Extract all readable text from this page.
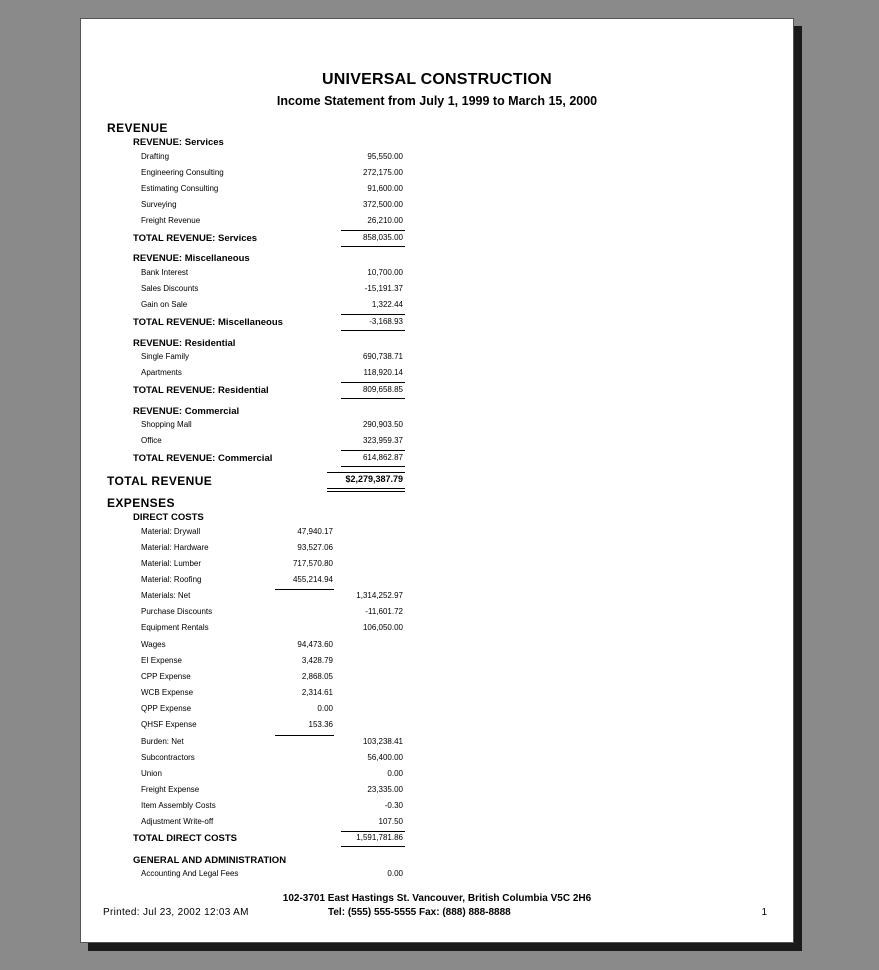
UNIVERSAL CONSTRUCTION
Income Statement from July 1, 1999 to March 15, 2000
REVENUE
REVENUE: Services
Drafting	95,550.00
Engineering Consulting	272,175.00
Estimating Consulting	91,600.00
Surveying	372,500.00
Freight Revenue	26,210.00
TOTAL REVENUE: Services	858,035.00
REVENUE: Miscellaneous
Bank Interest	10,700.00
Sales Discounts	-15,191.37
Gain on Sale	1,322.44
TOTAL REVENUE: Miscellaneous	-3,168.93
REVENUE: Residential
Single Family	690,738.71
Apartments	118,920.14
TOTAL REVENUE: Residential	809,658.85
REVENUE: Commercial
Shopping Mall	290,903.50
Office	323,959.37
TOTAL REVENUE: Commercial	614,862.87
TOTAL REVENUE	$2,279,387.79
EXPENSES
DIRECT COSTS
Material: Drywall	47,940.17
Material: Hardware	93,527.06
Material: Lumber	717,570.80
Material: Roofing	455,214.94
Materials: Net	1,314,252.97
Purchase Discounts	-11,601.72
Equipment Rentals	106,050.00
Wages	94,473.60
EI Expense	3,428.79
CPP Expense	2,868.05
WCB Expense	2,314.61
QPP Expense	0.00
QHSF Expense	153.36
Burden: Net	103,238.41
Subcontractors	56,400.00
Union	0.00
Freight Expense	23,335.00
Item Assembly Costs	-0.30
Adjustment Write-off	107.50
TOTAL DIRECT COSTS	1,591,781.86
GENERAL AND ADMINISTRATION
Accounting And Legal Fees	0.00
102-3701 East Hastings St. Vancouver, British Columbia V5C 2H6
Printed: Jul 23, 2002 12:03 AM	Tel: (555) 555-5555 Fax: (888) 888-8888	1
